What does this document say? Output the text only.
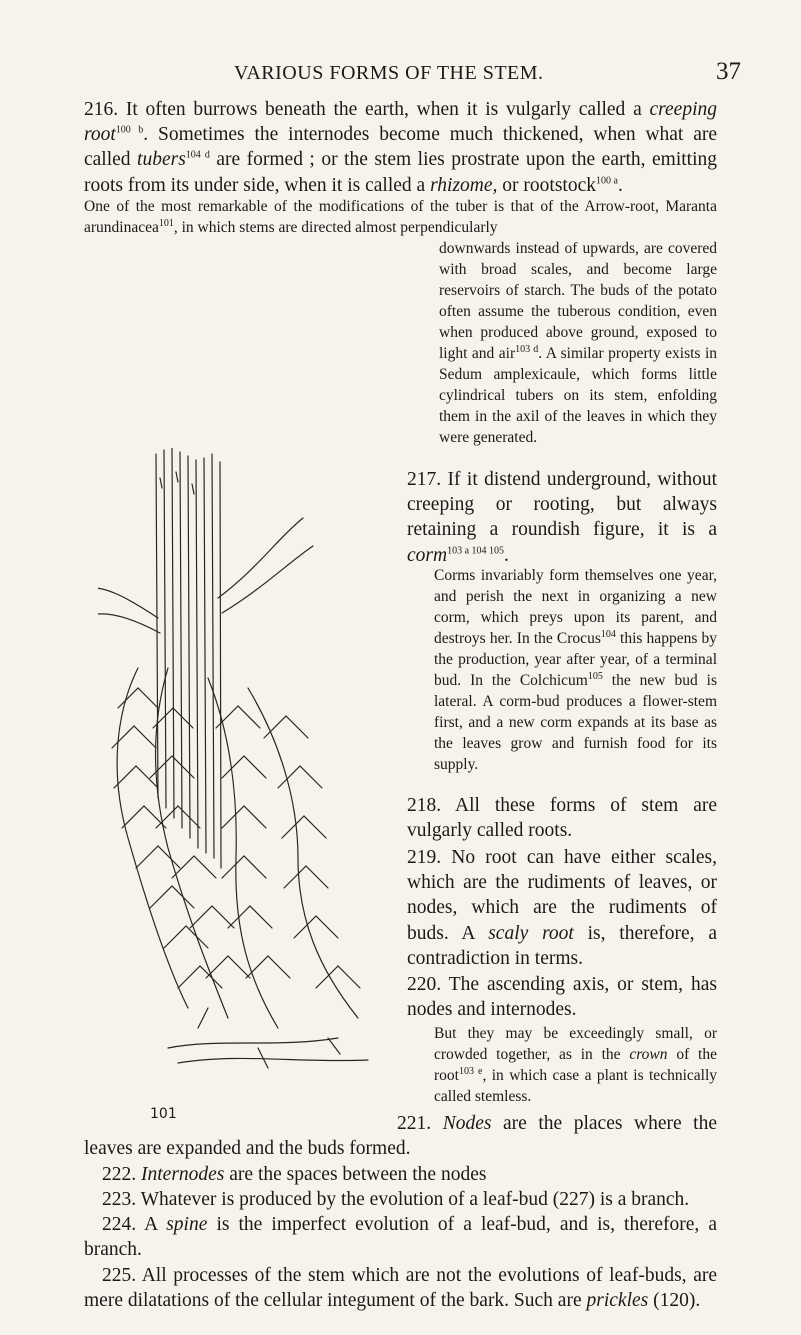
VARIOUS FORMS OF THE STEM.	37

216. It often burrows beneath the earth, when it is vulgarly called a creeping root$^{100 b}$. Sometimes the internodes become much thickened, when what are called tubers$^{104 d}$ are formed ; or the stem lies prostrate upon the earth, emitting roots from its under side, when it is called a rhizome, or rootstock$^{100 a}$.

One of the most remarkable of the modifications of the tuber is that of the Arrow-root, Maranta arundinacea$^{101}$, in which stems are directed almost perpendicularly

downwards instead of upwards, are covered with broad scales, and become large reservoirs of starch. The buds of the potato often assume the tuberous condition, even when produced above ground, exposed to light and air$^{103 d}$. A similar property exists in Sedum amplexicaule, which forms little cylindrical tubers on its stem, enfolding them in the axil of the leaves in which they were generated.

217. If it distend underground, without creeping or rooting, but always retaining a roundish figure, it is a corm$^{103 a 104 105}$.

Corms invariably form themselves one year, and perish the next in organizing a new corm, which preys upon its parent, and destroys her. In the Crocus$^{104}$ this happens by the production, year after year, of a terminal bud. In the Colchicum$^{105}$ the new bud is lateral. A corm-bud produces a flower-stem first, and a new corm expands at its base as the leaves grow and furnish food for its supply.

218. All these forms of stem are vulgarly called roots.

219. No root can have either scales, which are the rudiments of leaves, or nodes, which are the rudiments of buds. A scaly root is, therefore, a contradiction in terms.

220. The ascending axis, or stem, has nodes and internodes.

But they may be exceedingly small, or crowded together, as in the crown of the root$^{103 e}$, in which case a plant is technically called stemless.

101	221. Nodes are the places where the leaves are expanded and the buds formed.

222. Internodes are the spaces between the nodes

223. Whatever is produced by the evolution of a leaf-bud (227) is a branch.

224. A spine is the imperfect evolution of a leaf-bud, and is, therefore, a branch.

225. All processes of the stem which are not the evolutions of leaf-buds, are mere dilatations of the cellular integument of the bark. Such are prickles (120).
